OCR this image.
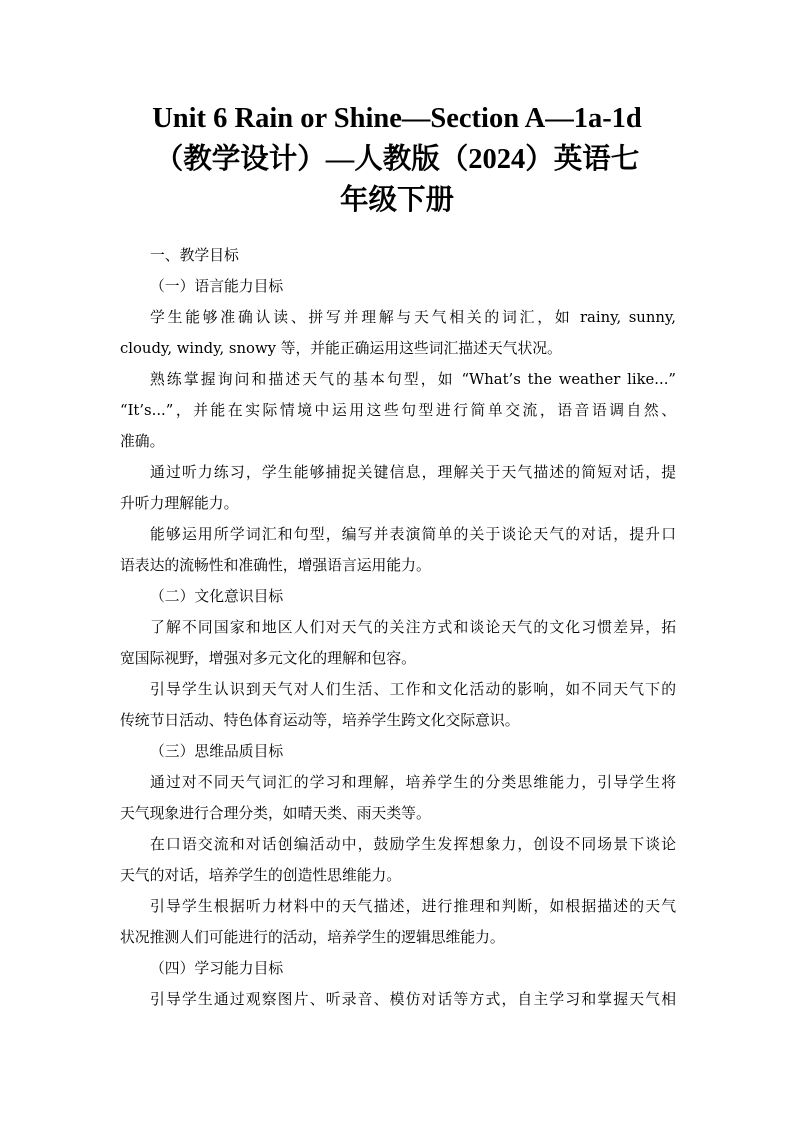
Unit 6 Rain or Shine—Section A—1a-1d
（教学设计）—人教版（2024）英语七
年级下册
一、教学目标
（一）语言能力目标
学生能够准确认读、拼写并理解与天气相关的词汇，如 rainy, sunny,
cloudy, windy, snowy 等，并能正确运用这些词汇描述天气状况。
熟练掌握询问和描述天气的基本句型，如 “What’s the weather like...”
“It’s...”，并能在实际情境中运用这些句型进行简单交流，语音语调自然、
准确。
通过听力练习，学生能够捕捉关键信息，理解关于天气描述的简短对话，提
升听力理解能力。
能够运用所学词汇和句型，编写并表演简单的关于谈论天气的对话，提升口
语表达的流畅性和准确性，增强语言运用能力。
（二）文化意识目标
了解不同国家和地区人们对天气的关注方式和谈论天气的文化习惯差异，拓
宽国际视野，增强对多元文化的理解和包容。
引导学生认识到天气对人们生活、工作和文化活动的影响，如不同天气下的
传统节日活动、特色体育运动等，培养学生跨文化交际意识。
（三）思维品质目标
通过对不同天气词汇的学习和理解，培养学生的分类思维能力，引导学生将
天气现象进行合理分类，如晴天类、雨天类等。
在口语交流和对话创编活动中，鼓励学生发挥想象力，创设不同场景下谈论
天气的对话，培养学生的创造性思维能力。
引导学生根据听力材料中的天气描述，进行推理和判断，如根据描述的天气
状况推测人们可能进行的活动，培养学生的逻辑思维能力。
（四）学习能力目标
引导学生通过观察图片、听录音、模仿对话等方式，自主学习和掌握天气相
